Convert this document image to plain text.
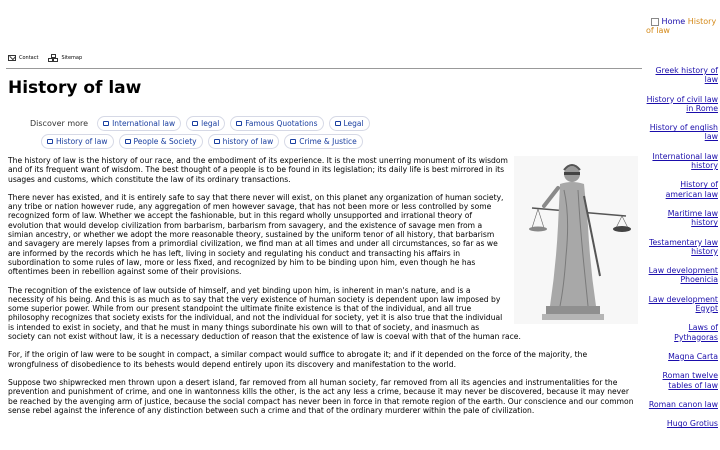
Contact	Sitemap
History of law
Discover more	International law	legal	Famous Quotations	Legal
History of law	People & Society	history of law	Crime & Justice

The history of law is the history of our race, and the embodiment of its experience. It is the most unerring monument of its wisdom and of its frequent want of wisdom. The best thought of a people is to be found in its legislation; its daily life is best mirrored in its usages and customs, which constitute the law of its ordinary transactions.

There never has existed, and it is entirely safe to say that there never will exist, on this planet any organization of human society, any tribe or nation however rude, any aggregation of men however savage, that has not been more or less controlled by some recognized form of law. Whether we accept the fashionable, but in this regard wholly unsupported and irrational theory of evolution that would develop civilization from barbarism, barbarism from savagery, and the existence of savage men from a simian ancestry, or whether we adopt the more reasonable theory, sustained by the uniform tenor of all history, that barbarism and savagery are merely lapses from a primordial civilization, we find man at all times and under all circumstances, so far as we are informed by the records which he has left, living in society and regulating his conduct and transacting his affairs in subordination to some rules of law, more or less fixed, and recognized by him to be binding upon him, even though he has oftentimes been in rebellion against some of their provisions.

The recognition of the existence of law outside of himself, and yet binding upon him, is inherent in man's nature, and is a necessity of his being. And this is as much as to say that the very existence of human society is dependent upon law imposed by some superior power. While from our present standpoint the ultimate finite existence is that of the individual, and all true philosophy recognizes that society exists for the individual, and not the individual for society, yet it is also true that the individual is intended to exist in society, and that he must in many things subordinate his own will to that of society, and inasmuch as society can not exist without law, it is a necessary deduction of reason that the existence of law is coeval with that of the human race.

For, if the origin of law were to be sought in compact, a similar compact would suffice to abrogate it; and if it depended on the force of the majority, the wrongfulness of disobedience to its behests would depend entirely upon its discovery and manifestation to the world.

Suppose two shipwrecked men thrown upon a desert island, far removed from all human society, far removed from all its agencies and instrumentalities for the prevention and punishment of crime, and one in wantonness kills the other, is the act any less a crime, because it may never be discovered, because it may never be reached by the avenging arm of justice, because the social compact has never been in force in that remote region of the earth. Our conscience and our common sense rebel against the inference of any distinction between such a crime and that of the ordinary murderer within the pale of civilization.

Home History of law
Greek history of law
History of civil law in Rome
History of english law
International law history
History of american law
Maritime law history
Testamentary law history
Law development Phoenicia
Law development Egypt
Laws of Pythagoras
Magna Carta
Roman twelve tables of law
Roman canon law
Hugo Grotius
